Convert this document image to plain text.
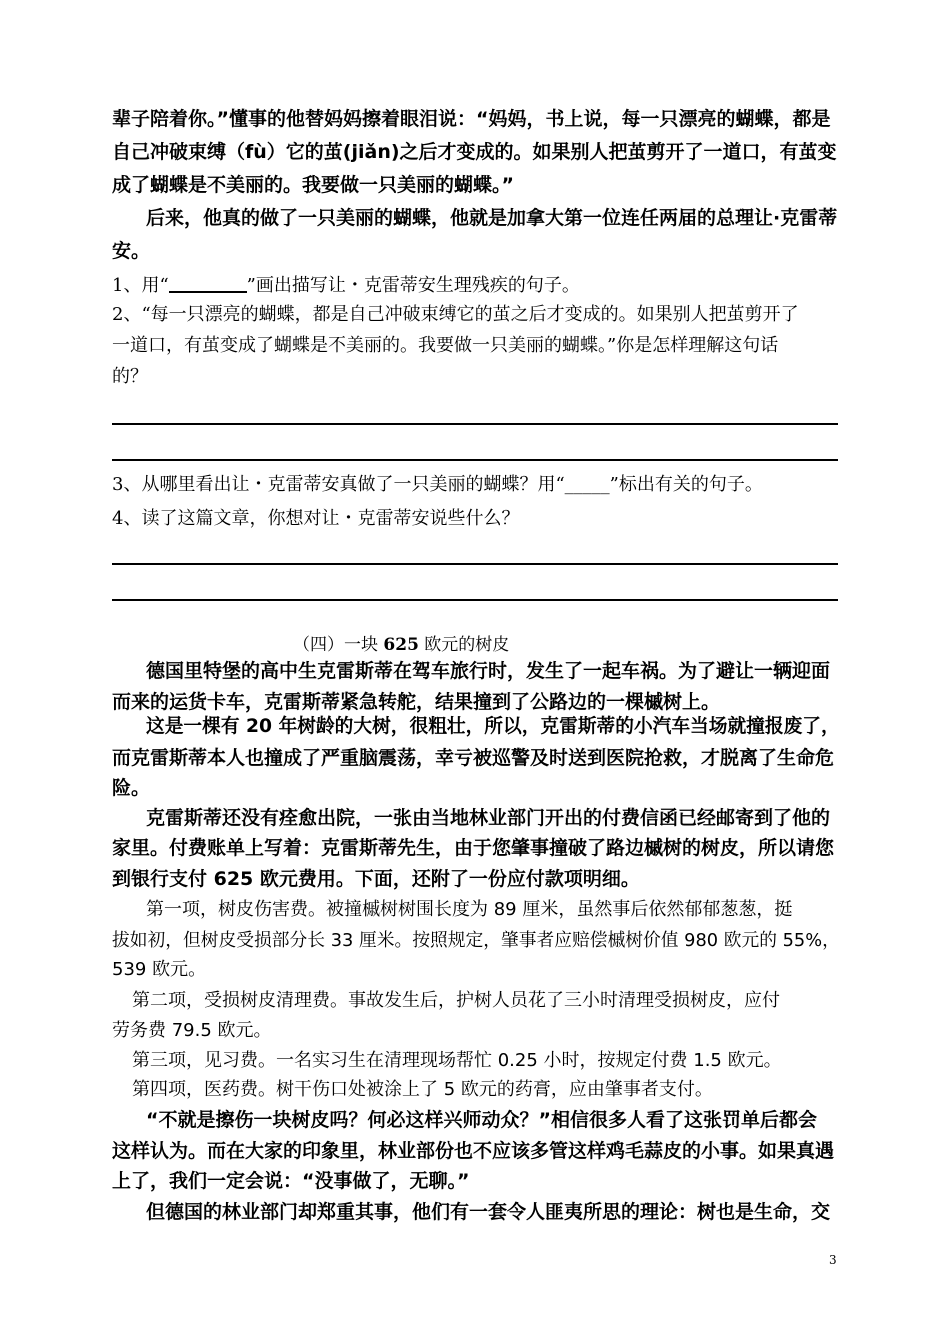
辈子陪着你。”懂事的他替妈妈擦着眼泪说：“妈妈，书上说，每一只漂亮的蝴蝶，都是
自己冲破束缚（fù）它的茧(jiǎn)之后才变成的。如果别人把茧剪开了一道口，有茧变
成了蝴蝶是不美丽的。我要做一只美丽的蝴蝶。”
后来，他真的做了一只美丽的蝴蝶，他就是加拿大第一位连任两届的总理让·克雷蒂
安。
1、用“	”画出描写让・克雷蒂安生理残疾的句子。
2、“每一只漂亮的蝴蝶，都是自己冲破束缚它的茧之后才变成的。如果别人把茧剪开了
一道口，有茧变成了蝴蝶是不美丽的。我要做一只美丽的蝴蝶。”你是怎样理解这句话
的？
3、从哪里看出让・克雷蒂安真做了一只美丽的蝴蝶？用“_____”标出有关的句子。
4、读了这篇文章，你想对让・克雷蒂安说些什么？
（四）一块 625 欧元的树皮
德国里特堡的高中生克雷斯蒂在驾车旅行时，发生了一起车祸。为了避让一辆迎面
而来的运货卡车，克雷斯蒂紧急转舵，结果撞到了公路边的一棵槭树上。
这是一棵有 20 年树龄的大树，很粗壮，所以，克雷斯蒂的小汽车当场就撞报废了，
而克雷斯蒂本人也撞成了严重脑震荡，幸亏被巡警及时送到医院抢救，才脱离了生命危
险。
克雷斯蒂还没有痊愈出院，一张由当地林业部门开出的付费信函已经邮寄到了他的
家里。付费账单上写着：克雷斯蒂先生，由于您肇事撞破了路边槭树的树皮，所以请您
到银行支付 625 欧元费用。下面，还附了一份应付款项明细。
第一项，树皮伤害费。被撞槭树树围长度为 89 厘米，虽然事后依然郁郁葱葱，挺
拔如初，但树皮受损部分长 33 厘米。按照规定，肇事者应赔偿槭树价值 980 欧元的 55%，
539 欧元。
第二项，受损树皮清理费。事故发生后，护树人员花了三小时清理受损树皮，应付
劳务费 79.5 欧元。
第三项，见习费。一名实习生在清理现场帮忙 0.25 小时，按规定付费 1.5 欧元。
第四项，医药费。树干伤口处被涂上了 5 欧元的药膏，应由肇事者支付。
“不就是擦伤一块树皮吗？何必这样兴师动众？”相信很多人看了这张罚单后都会
这样认为。而在大家的印象里，林业部份也不应该多管这样鸡毛蒜皮的小事。如果真遇
上了，我们一定会说：“没事做了，无聊。”
但德国的林业部门却郑重其事，他们有一套令人匪夷所思的理论：树也是生命，交
3
